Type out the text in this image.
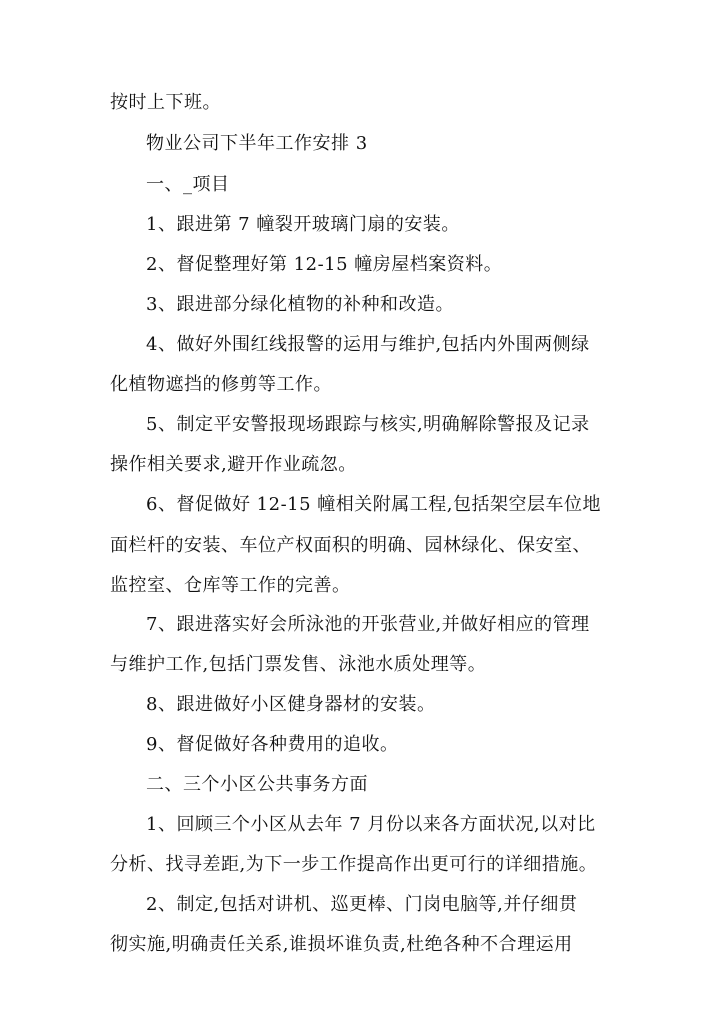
按时上下班。
物业公司下半年工作安排 3
一、_项目
1、跟进第 7 幢裂开玻璃门扇的安装。
2、督促整理好第 12-15 幢房屋档案资料。
3、跟进部分绿化植物的补种和改造。
4、做好外围红线报警的运用与维护,包括内外围两侧绿
化植物遮挡的修剪等工作。
5、制定平安警报现场跟踪与核实,明确解除警报及记录
操作相关要求,避开作业疏忽。
6、督促做好 12-15 幢相关附属工程,包括架空层车位地
面栏杆的安装、车位产权面积的明确、园林绿化、保安室、
监控室、仓库等工作的完善。
7、跟进落实好会所泳池的开张营业,并做好相应的管理
与维护工作,包括门票发售、泳池水质处理等。
8、跟进做好小区健身器材的安装。
9、督促做好各种费用的追收。
二、三个小区公共事务方面
1、回顾三个小区从去年 7 月份以来各方面状况,以对比
分析、找寻差距,为下一步工作提高作出更可行的详细措施。
2、制定,包括对讲机、巡更棒、门岗电脑等,并仔细贯
彻实施,明确责任关系,谁损坏谁负责,杜绝各种不合理运用
